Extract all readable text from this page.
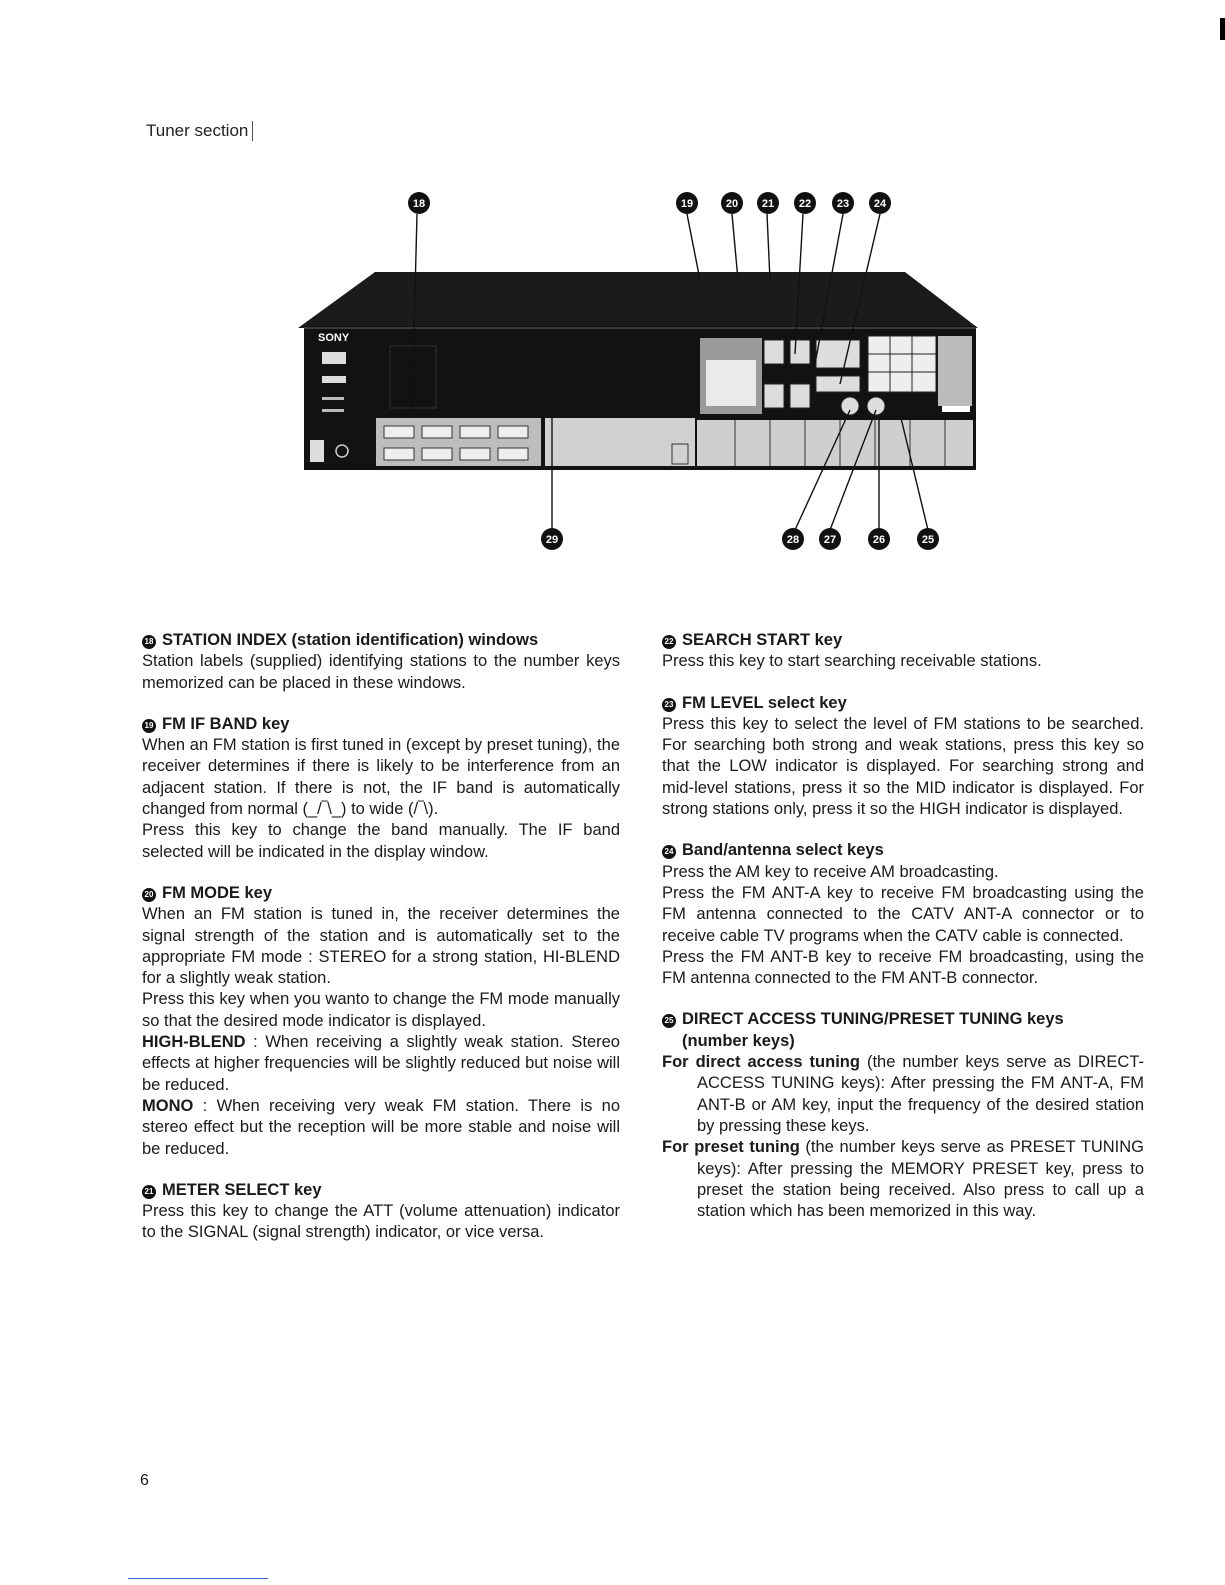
Tuner section
SONY
18	19	20 21 22 23 24
29	28 27	26	25

18 STATION INDEX (station identification) windows

Station labels (supplied) identifying stations to the number keys memorized can be placed in these windows.

19 FM IF BAND key

When an FM station is first tuned in (except by preset tuning), the receiver determines if there is likely to be interference from an adjacent station. If there is not, the IF band is automatically changed from normal (_/‾\_) to wide (/‾\).

Press this key to change the band manually. The IF band selected will be indicated in the display window.

20 FM MODE key

When an FM station is tuned in, the receiver determines the signal strength of the station and is automatically set to the appropriate FM mode : STEREO for a strong station, HI-BLEND for a slightly weak station.

Press this key when you wanto to change the FM mode manually so that the desired mode indicator is displayed.

HIGH-BLEND : When receiving a slightly weak station. Stereo effects at higher frequencies will be slightly reduced but noise will be reduced.

MONO : When receiving very weak FM station. There is no stereo effect but the reception will be more stable and noise will be reduced.

21 METER SELECT key

Press this key to change the ATT (volume attenuation) indicator to the SIGNAL (signal strength) indicator, or vice versa.

22 SEARCH START key

Press this key to start searching receivable stations.

23 FM LEVEL select key

Press this key to select the level of FM stations to be searched. For searching both strong and weak stations, press this key so that the LOW indicator is displayed. For searching strong and mid-level stations, press it so the MID indicator is displayed. For strong stations only, press it so the HIGH indicator is displayed.

24 Band/antenna select keys

Press the AM key to receive AM broadcasting.

Press the FM ANT-A key to receive FM broadcasting using the FM antenna connected to the CATV ANT-A connector or to receive cable TV programs when the CATV cable is connected.

Press the FM ANT-B key to receive FM broadcasting, using the FM antenna connected to the FM ANT-B connector.

25 DIRECT ACCESS TUNING/PRESET TUNING keys

(number keys)

For direct access tuning (the number keys serve as DIRECT-ACCESS TUNING keys): After pressing the FM ANT-A, FM ANT-B or AM key, input the frequency of the desired station by pressing these keys.

For preset tuning (the number keys serve as PRESET TUNING keys): After pressing the MEMORY PRESET key, press to preset the station being received. Also press to call up a station which has been memorized in this way.

6
